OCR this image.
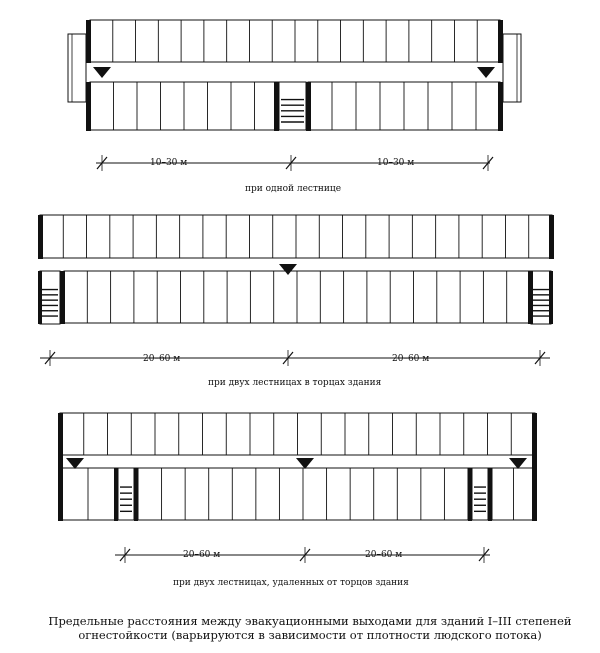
10–30 м	10–30 м
при одной лестнице
20–60 м	20–60 м
при двух лестницах в торцах здания
20–60 м	20–60 м
при двух лестницах, удаленных от торцов здания
Предельные расстояния между эвакуационными выходами для зданий I–III степеней
огнестойкости (варьируются в зависимости от плотности людского потока)
